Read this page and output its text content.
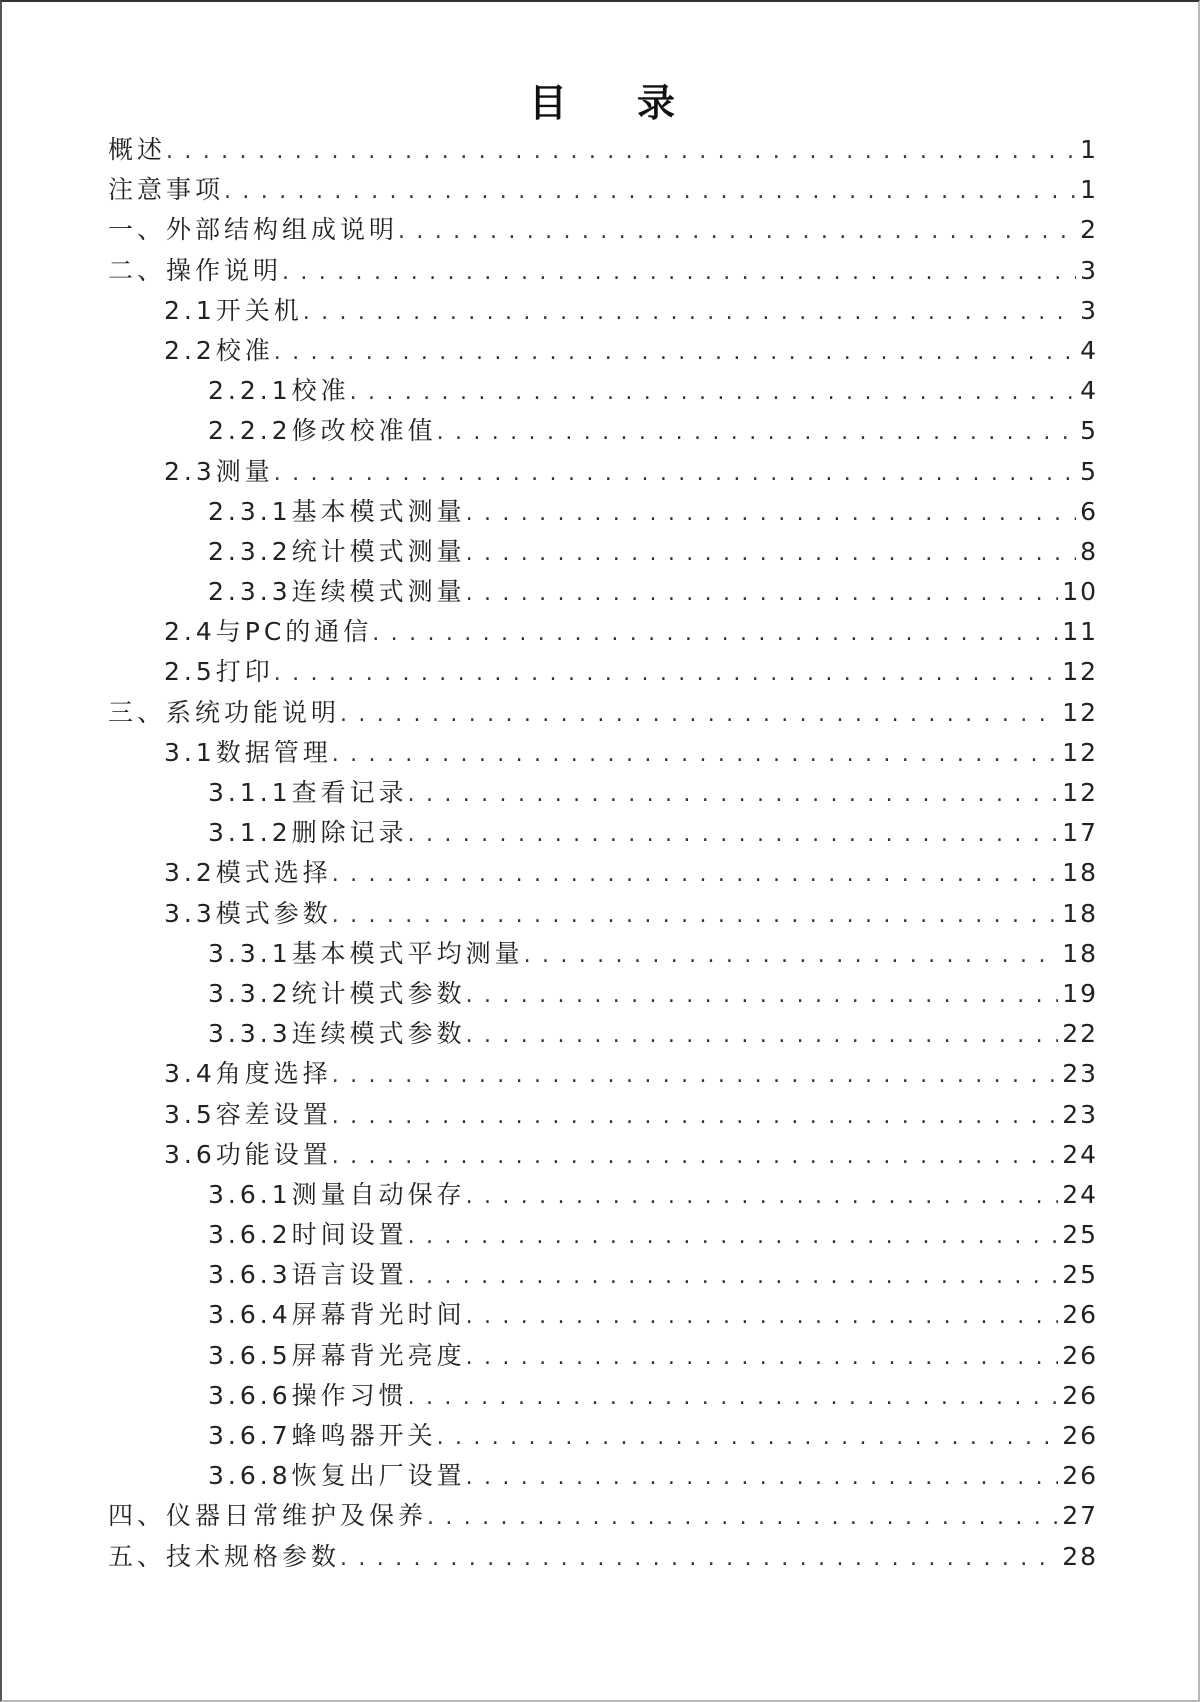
目 录
概述 . . .	1
注意事项 . . .	1
一、外部结构组成说明 . . .	2
二、操作说明 . . .	3
2.1开关机 . . .	3
2.2校准 . . .	4
2.2.1校准 . . .	4
2.2.2修改校准值 . . .	5
2.3测量 . . .	5
2.3.1基本模式测量 . . .	6
2.3.2统计模式测量 . . .	8
2.3.3连续模式测量 . . .	10
2.4与PC的通信 . . .	11
2.5打印 . . .	12
三、系统功能说明 . . .	12
3.1数据管理 . . .	12
3.1.1查看记录 . . .	12
3.1.2删除记录 . . .	17
3.2模式选择 . . .	18
3.3模式参数 . . .	18
3.3.1基本模式平均测量 . . .	18
3.3.2统计模式参数 . . .	19
3.3.3连续模式参数 . . .	22
3.4角度选择 . . .	23
3.5容差设置 . . .	23
3.6功能设置 . . .	24
3.6.1测量自动保存 . . .	24
3.6.2时间设置 . . .	25
3.6.3语言设置 . . .	25
3.6.4屏幕背光时间 . . .	26
3.6.5屏幕背光亮度 . . .	26
3.6.6操作习惯 . . .	26
3.6.7蜂鸣器开关 . . .	26
3.6.8恢复出厂设置 . . .	26
四、仪器日常维护及保养 . . .	27
五、技术规格参数 . . .	28
